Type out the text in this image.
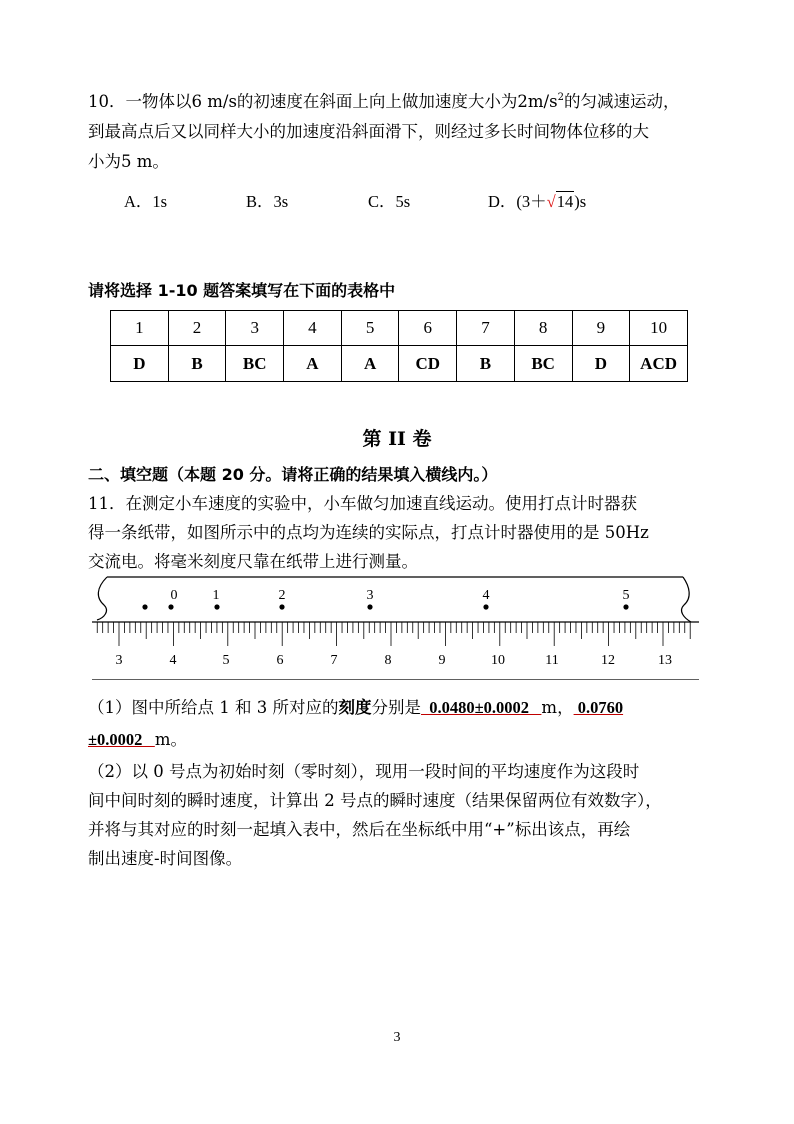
10．一物体以6 m/s的初速度在斜面上向上做加速度大小为$2m/s^2$的匀减速运动，
到最高点后又以同样大小的加速度沿斜面滑下，则经过多长时间物体位移的大
小为5 m。
A．1s	B．3s	C．5s	D．(3＋√14)s
请将选择 1-10 题答案填写在下面的表格中
1	2	3	4	5	6	7	8	9	10
D	B	BC	A	A	CD	B	BC	D	ACD
第 II 卷
二、填空题（本题 20 分。请将正确的结果填入横线内。）
11．在测定小车速度的实验中，小车做匀加速直线运动。使用打点计时器获
得一条纸带，如图所示中的点均为连续的实际点，打点计时器使用的是 50Hz
交流电。将毫米刻度尺靠在纸带上进行测量。
0	1	2	3	4	5
3	4	5	6	7	8	9	10	11	12	13
（1）图中所给点 1 和 3 所对应的刻度分别是  0.0480±0.0002   m， 0.0760
±0.0002   m。
（2）以 0 号点为初始时刻（零时刻），现用一段时间的平均速度作为这段时
间中间时刻的瞬时速度，计算出 2 号点的瞬时速度（结果保留两位有效数字），
并将与其对应的时刻一起填入表中，然后在坐标纸中用“+”标出该点，再绘
制出速度-时间图像。
3
